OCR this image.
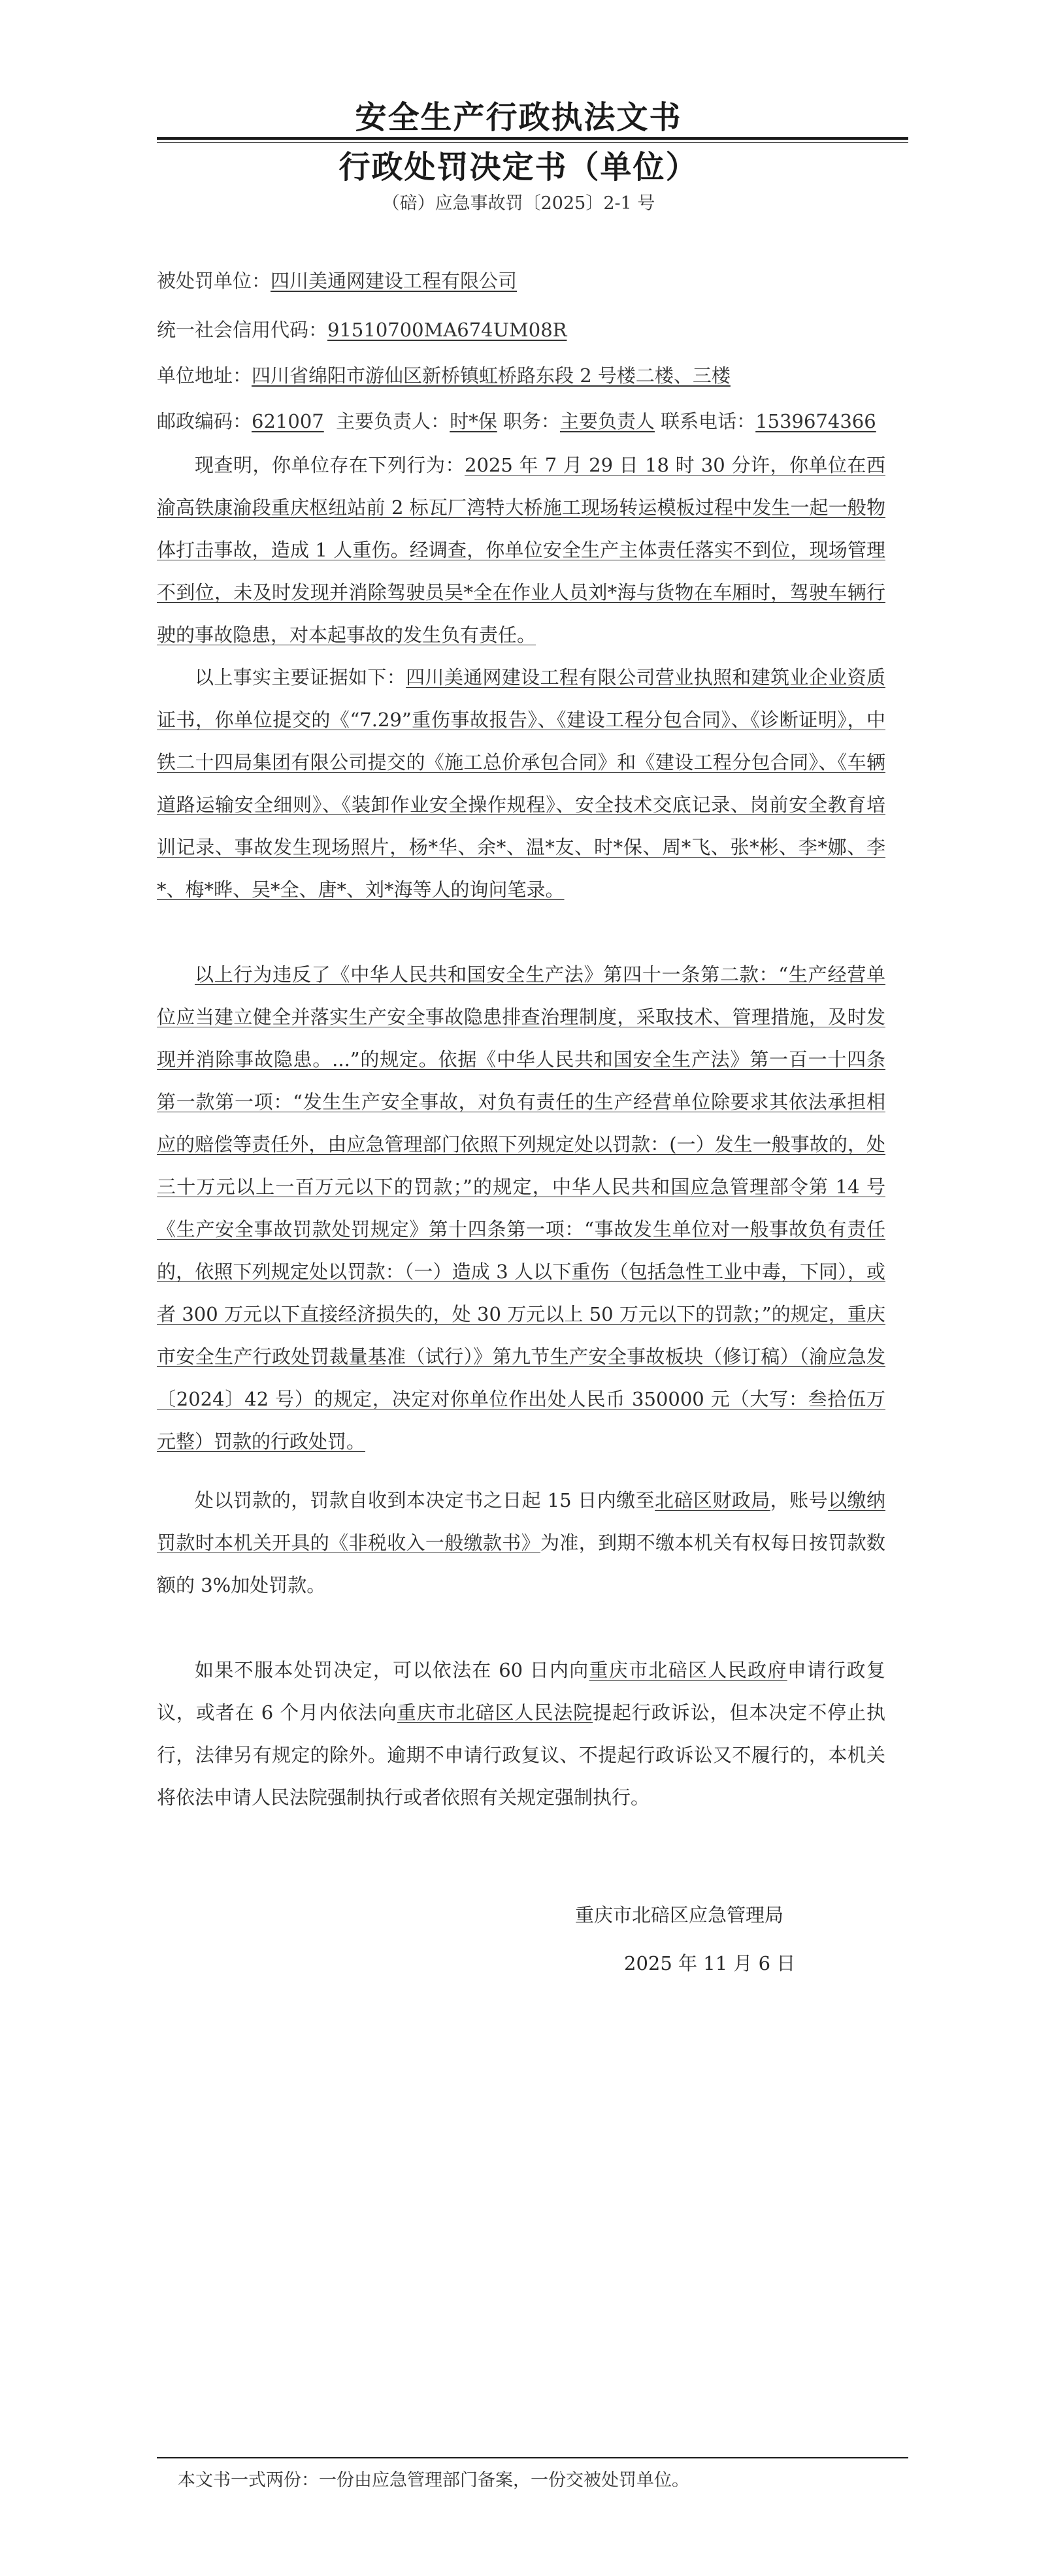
安全生产行政执法文书
行政处罚决定书（单位）
（碚）应急事故罚〔2025〕2-1 号
被处罚单位：四川美通网建设工程有限公司
统一社会信用代码：91510700MA674UM08R
单位地址：四川省绵阳市游仙区新桥镇虹桥路东段 2 号楼二楼、三楼
邮政编码：621007 主要负责人：时*保 职务：主要负责人 联系电话：1539674366

现查明，你单位存在下列行为：2025 年 7 月 29 日 18 时 30 分许，你单位在西渝高铁康渝段重庆枢纽站前 2 标瓦厂湾特大桥施工现场转运模板过程中发生一起一般物体打击事故，造成 1 人重伤。经调查，你单位安全生产主体责任落实不到位，现场管理不到位，未及时发现并消除驾驶员吴*全在作业人员刘*海与货物在车厢时，驾驶车辆行驶的事故隐患，对本起事故的发生负有责任。

以上事实主要证据如下：四川美通网建设工程有限公司营业执照和建筑业企业资质证书，你单位提交的《“7.29”重伤事故报告》、《建设工程分包合同》、《诊断证明》，中铁二十四局集团有限公司提交的《施工总价承包合同》和《建设工程分包合同》、《车辆道路运输安全细则》、《装卸作业安全操作规程》、安全技术交底记录、岗前安全教育培训记录、事故发生现场照片，杨*华、余*、温*友、时*保、周*飞、张*彬、李*娜、李*、梅*晔、吴*全、唐*、刘*海等人的询问笔录。

以上行为违反了《中华人民共和国安全生产法》第四十一条第二款：“生产经营单位应当建立健全并落实生产安全事故隐患排查治理制度，采取技术、管理措施，及时发现并消除事故隐患。...”的规定。依据《中华人民共和国安全生产法》第一百一十四条第一款第一项：“发生生产安全事故，对负有责任的生产经营单位除要求其依法承担相应的赔偿等责任外，由应急管理部门依照下列规定处以罚款：(一）发生一般事故的，处三十万元以上一百万元以下的罚款；”的规定，中华人民共和国应急管理部令第 14 号《生产安全事故罚款处罚规定》第十四条第一项：“事故发生单位对一般事故负有责任的，依照下列规定处以罚款：（一）造成 3 人以下重伤（包括急性工业中毒，下同），或者 300 万元以下直接经济损失的，处 30 万元以上 50 万元以下的罚款；”的规定，重庆市安全生产行政处罚裁量基准（试行）》第九节生产安全事故板块（修订稿）（渝应急发〔2024〕42 号）的规定，决定对你单位作出处人民币 350000 元（大写：叁拾伍万元整）罚款的行政处罚。

处以罚款的，罚款自收到本决定书之日起 15 日内缴至北碚区财政局，账号以缴纳罚款时本机关开具的《非税收入一般缴款书》为准，到期不缴本机关有权每日按罚款数额的 3%加处罚款。

如果不服本处罚决定，可以依法在 60 日内向重庆市北碚区人民政府申请行政复议，或者在 6 个月内依法向重庆市北碚区人民法院提起行政诉讼，但本决定不停止执行，法律另有规定的除外。逾期不申请行政复议、不提起行政诉讼又不履行的，本机关将依法申请人民法院强制执行或者依照有关规定强制执行。

重庆市北碚区应急管理局
2025 年 11 月 6 日
本文书一式两份：一份由应急管理部门备案，一份交被处罚单位。
